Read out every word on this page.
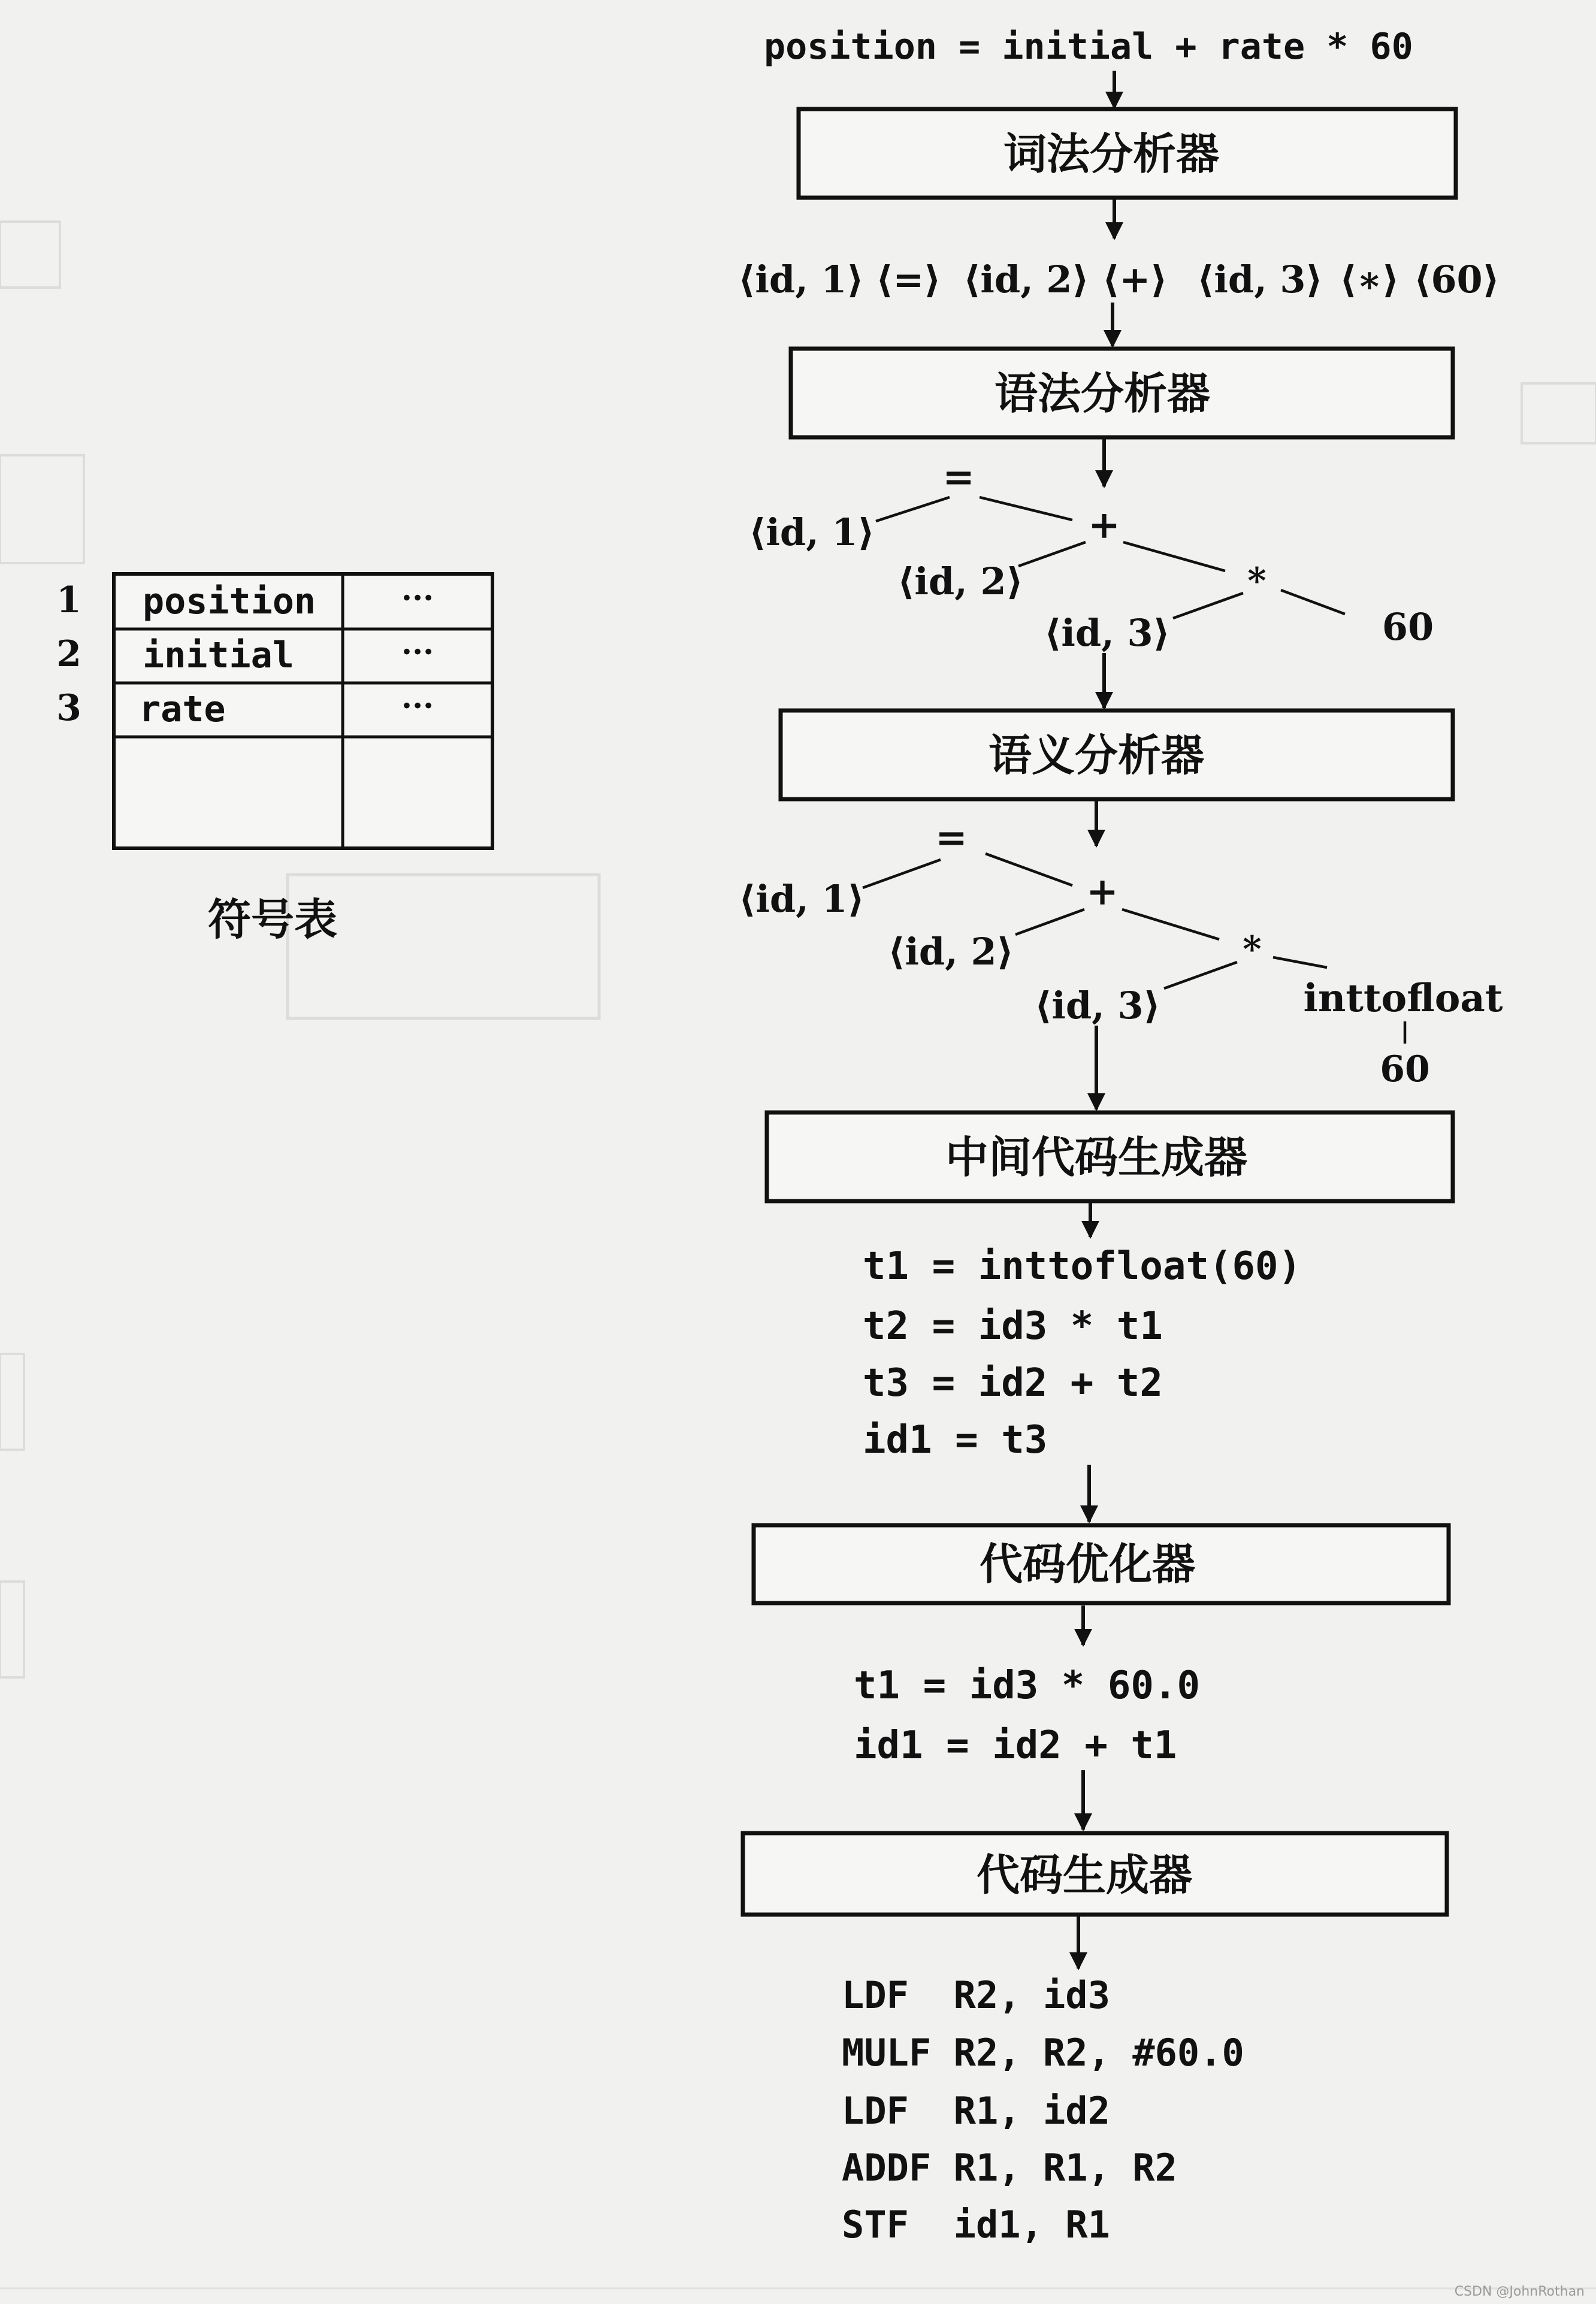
position = initial + rate * 60
词法分析器
⟨id, 1⟩ ⟨=⟩ ⟨id, 2⟩ ⟨+⟩ ⟨id, 3⟩ ⟨∗⟩ ⟨60⟩
语法分析器
=
⟨id, 1⟩	+
⟨id, 2⟩	*
⟨id, 3⟩	60
语义分析器
=
⟨id, 1⟩	+
⟨id, 2⟩	*
⟨id, 3⟩	inttofloat
60
中间代码生成器
t1 = inttofloat(60)
t2 = id3 * t1
t3 = id2 + t2
id1 = t3
代码优化器
t1 = id3 * 60.0
id1 = id2 + t1
代码生成器
LDF  R2, id3
MULF R2, R2, #60.0
LDF  R1, id2
ADDF R1, R1, R2
STF  id1, R1
1 position	···
2 initial	···
3 rate	···
符号表
CSDN @JohnRothan
